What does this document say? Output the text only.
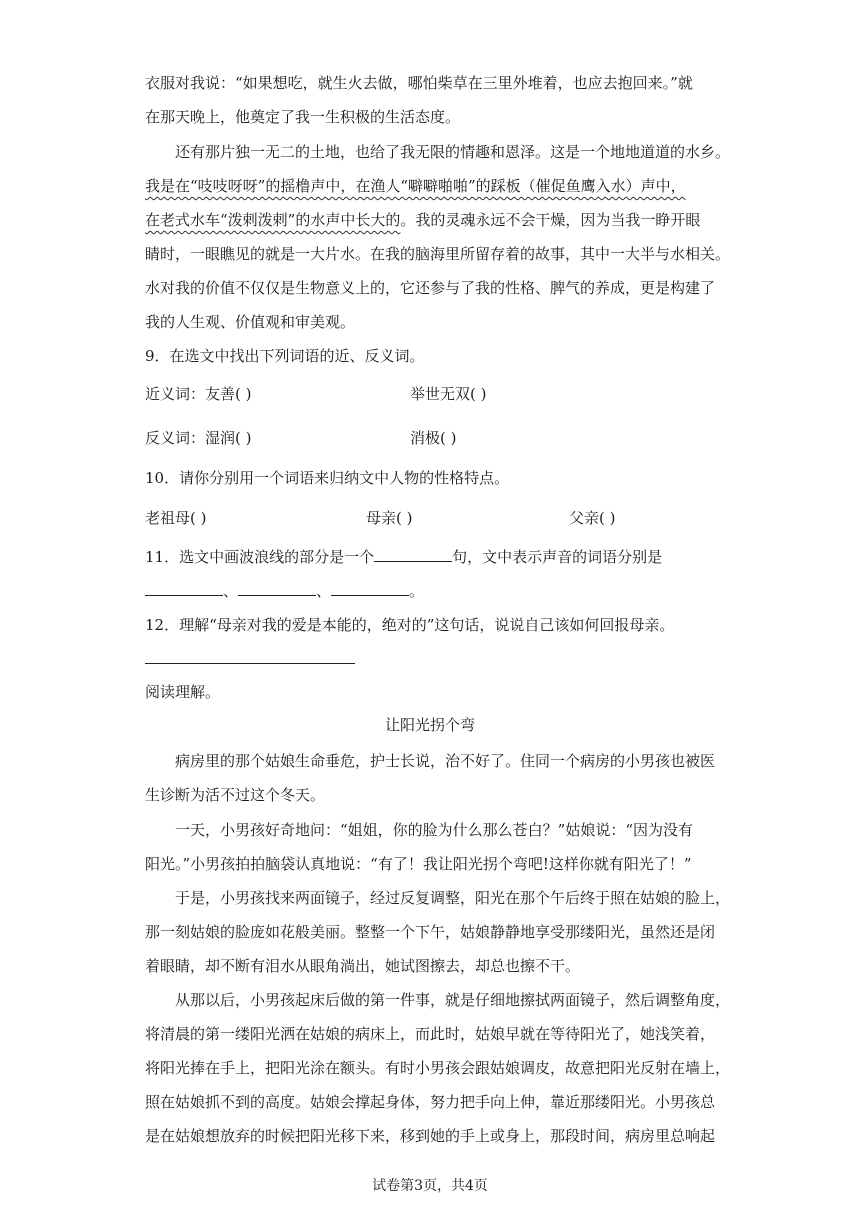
衣服对我说：“如果想吃，就生火去做，哪怕柴草在三里外堆着，也应去抱回来。”就
在那天晚上，他奠定了我一生积极的生活态度。
还有那片独一无二的土地，也给了我无限的情趣和恩泽。这是一个地地道道的水乡。
我是在“吱吱呀呀”的摇橹声中，在渔人“噼噼啪啪”的踩板（催促鱼鹰入水）声中，
在老式水车“泼剌泼剌”的水声中长大的。我的灵魂永远不会干燥，因为当我一睁开眼
睛时，一眼瞧见的就是一大片水。在我的脑海里所留存着的故事，其中一大半与水相关。
水对我的价值不仅仅是生物意义上的，它还参与了我的性格、脾气的养成，更是构建了
我的人生观、价值观和审美观。
9．在选文中找出下列词语的近、反义词。
近义词：友善( )	举世无双( )
反义词：湿润( )	消极( )
10．请你分别用一个词语来归纳文中人物的性格特点。
老祖母( )	母亲( )	父亲( )
11．选文中画波浪线的部分是一个	句，文中表示声音的词语分别是
、	、	。
12．理解“母亲对我的爱是本能的，绝对的”这句话，说说自己该如何回报母亲。
阅读理解。
让阳光拐个弯
病房里的那个姑娘生命垂危，护士长说，治不好了。住同一个病房的小男孩也被医
生诊断为活不过这个冬天。
一天，小男孩好奇地问：“姐姐，你的脸为什么那么苍白？”姑娘说：“因为没有
阳光。”小男孩拍拍脑袋认真地说：“有了！我让阳光拐个弯吧!这样你就有阳光了！”
于是，小男孩找来两面镜子，经过反复调整，阳光在那个午后终于照在姑娘的脸上，
那一刻姑娘的脸庞如花般美丽。整整一个下午，姑娘静静地享受那缕阳光，虽然还是闭
着眼睛，却不断有泪水从眼角淌出，她试图擦去，却总也擦不干。
从那以后，小男孩起床后做的第一件事，就是仔细地擦拭两面镜子，然后调整角度，
将清晨的第一缕阳光洒在姑娘的病床上，而此时，姑娘早就在等待阳光了，她浅笑着，
将阳光捧在手上，把阳光涂在额头。有时小男孩会跟姑娘调皮，故意把阳光反射在墙上，
照在姑娘抓不到的高度。姑娘会撑起身体，努力把手向上伸，靠近那缕阳光。小男孩总
是在姑娘想放弃的时候把阳光移下来，移到她的手上或身上，那段时间，病房里总响起
试卷第3页，共4页
